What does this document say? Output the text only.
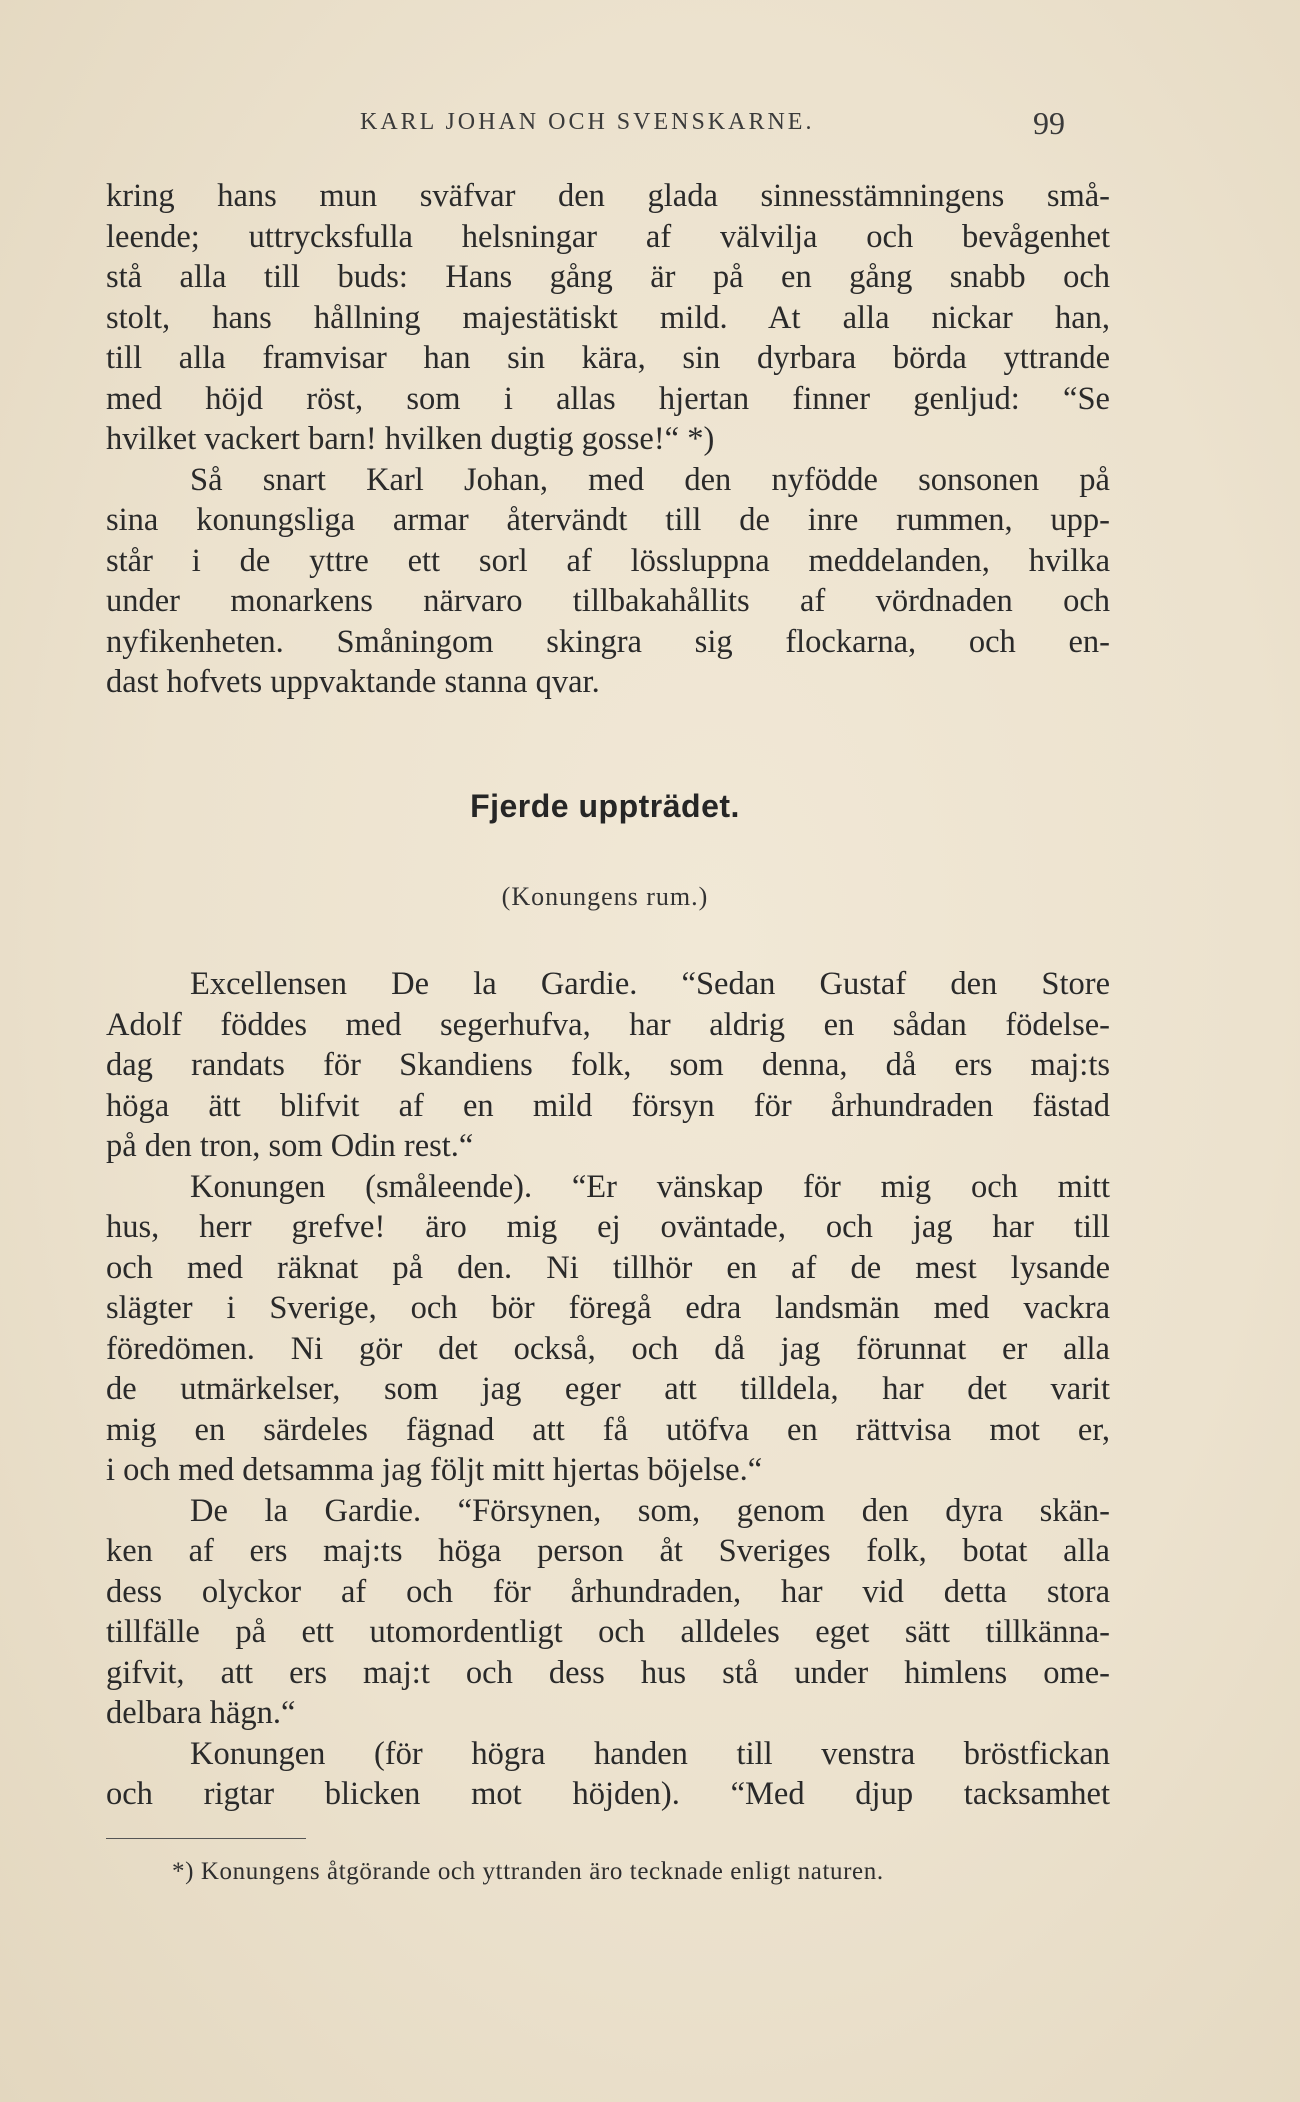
KARL JOHAN OCH SVENSKARNE.	99
kring hans mun sväfvar den glada sinnesstämningens små-
leende; uttrycksfulla helsningar af välvilja och bevågenhet
stå alla till buds: Hans gång är på en gång snabb och
stolt, hans hållning majestätiskt mild. At alla nickar han,
till alla framvisar han sin kära, sin dyrbara börda yttrande
med höjd röst, som i allas hjertan finner genljud: “Se
hvilket vackert barn! hvilken dugtig gosse!“ *)
Så snart Karl Johan, med den nyfödde sonsonen på
sina konungsliga armar återvändt till de inre rummen, upp-
står i de yttre ett sorl af lössluppna meddelanden, hvilka
under monarkens närvaro tillbakahållits af vördnaden och
nyfikenheten. Småningom skingra sig flockarna, och en-
dast hofvets uppvaktande stanna qvar.
Fjerde uppträdet.
(Konungens rum.)
Excellensen De la Gardie. “Sedan Gustaf den Store
Adolf föddes med segerhufva, har aldrig en sådan födelse-
dag randats för Skandiens folk, som denna, då ers maj:ts
höga ätt blifvit af en mild försyn för århundraden fästad
på den tron, som Odin rest.“
Konungen (småleende). “Er vänskap för mig och mitt
hus, herr grefve! äro mig ej oväntade, och jag har till
och med räknat på den. Ni tillhör en af de mest lysande
slägter i Sverige, och bör föregå edra landsmän med vackra
föredömen. Ni gör det också, och då jag förunnat er alla
de utmärkelser, som jag eger att tilldela, har det varit
mig en särdeles fägnad att få utöfva en rättvisa mot er,
i och med detsamma jag följt mitt hjertas böjelse.“
De la Gardie. “Försynen, som, genom den dyra skän-
ken af ers maj:ts höga person åt Sveriges folk, botat alla
dess olyckor af och för århundraden, har vid detta stora
tillfälle på ett utomordentligt och alldeles eget sätt tillkänna-
gifvit, att ers maj:t och dess hus stå under himlens ome-
delbara hägn.“
Konungen (för högra handen till venstra bröstfickan
och rigtar blicken mot höjden). “Med djup tacksamhet
*) Konungens åtgörande och yttranden äro tecknade enligt naturen.
